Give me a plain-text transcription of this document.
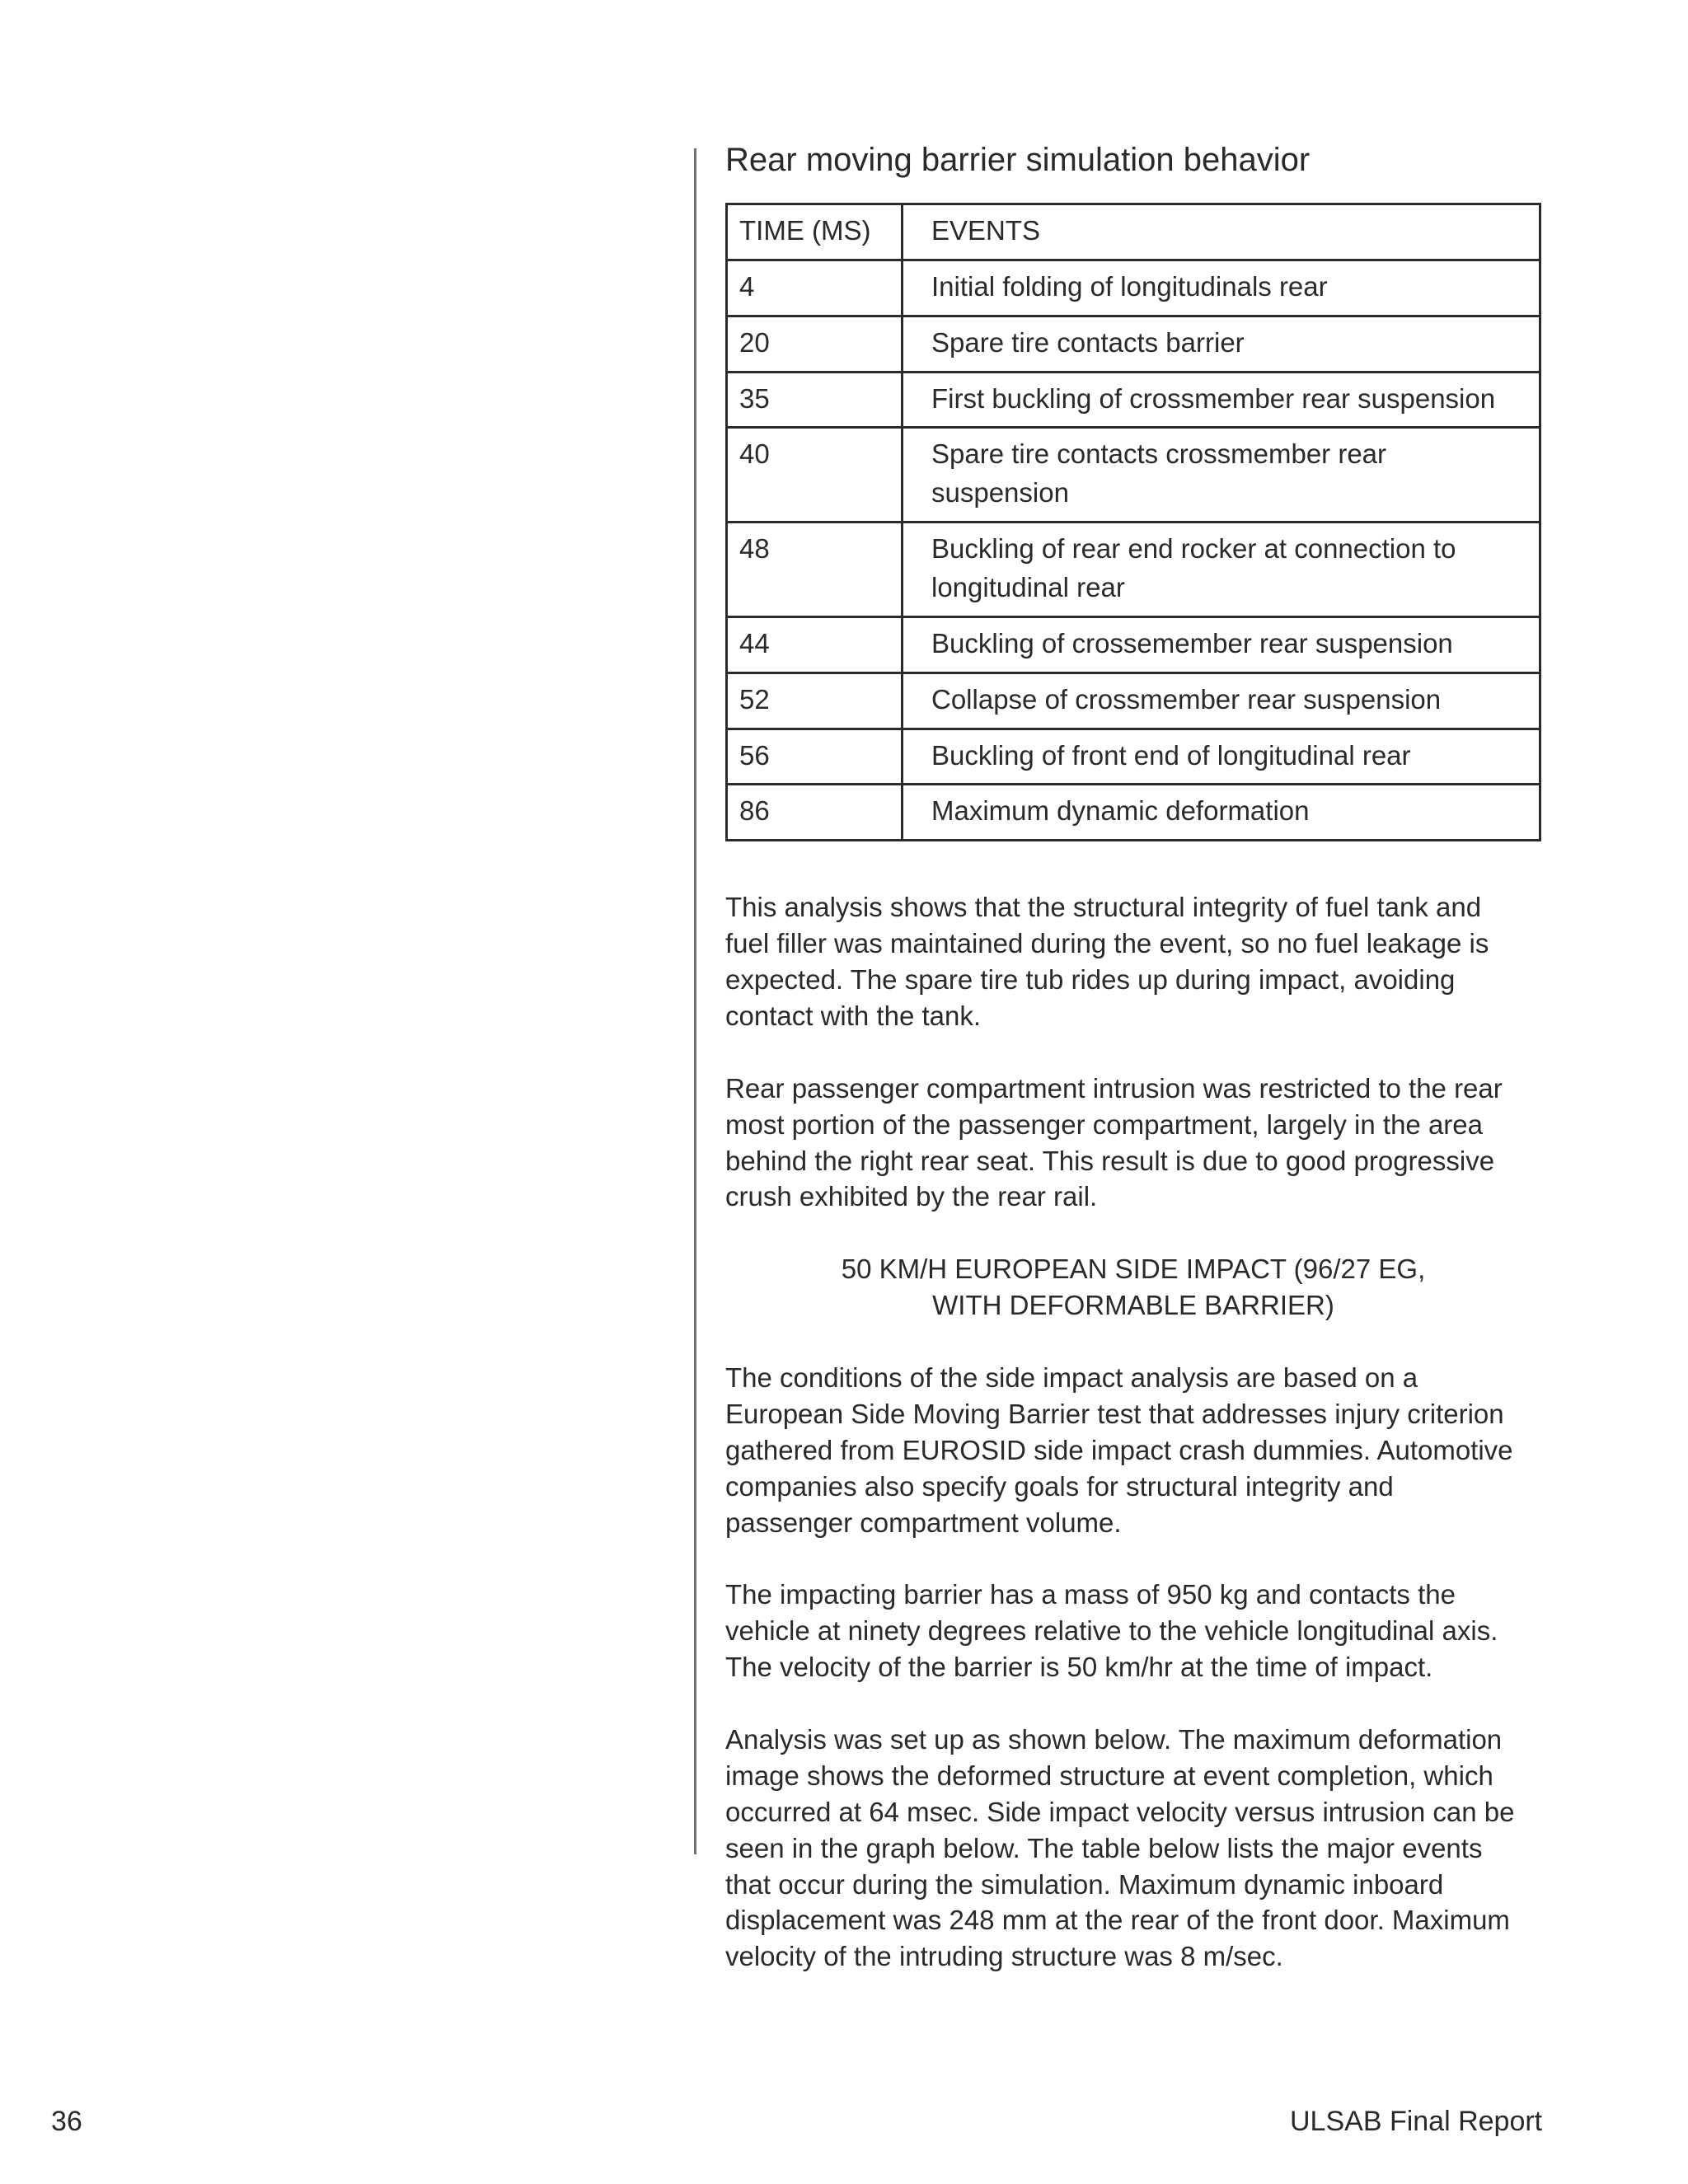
Rear moving barrier simulation behavior
TIME (MS)	EVENTS
4	Initial folding of longitudinals rear
20	Spare tire contacts barrier
35	First buckling of crossmember rear suspension
40	Spare tire contacts crossmember rear suspension
48	Buckling of rear end rocker at connection to
longitudinal rear
44	Buckling of crossemember rear suspension
52	Collapse of crossmember rear suspension
56	Buckling of front end of longitudinal rear
86	Maximum dynamic deformation

This analysis shows that the structural integrity of fuel tank and
fuel filler was maintained during the event, so no fuel leakage is
expected. The spare tire tub rides up during impact, avoiding
contact with the tank.

Rear passenger compartment intrusion was restricted to the rear
most portion of the passenger compartment, largely in the area
behind the right rear seat. This result is due to good progressive
crush exhibited by the rear rail.

50 KM/H EUROPEAN SIDE IMPACT (96/27 EG,
WITH DEFORMABLE BARRIER)

The conditions of the side impact analysis are based on a
European Side Moving Barrier test that addresses injury criterion
gathered from EUROSID side impact crash dummies. Automotive
companies also specify goals for structural integrity and
passenger compartment volume.

The impacting barrier has a mass of 950 kg and contacts the
vehicle at ninety degrees relative to the vehicle longitudinal axis.
The velocity of the barrier is 50 km/hr at the time of impact.

Analysis was set up as shown below. The maximum deformation
image shows the deformed structure at event completion, which
occurred at 64 msec. Side impact velocity versus intrusion can be
seen in the graph below. The table below lists the major events
that occur during the simulation. Maximum dynamic inboard
displacement was 248 mm at the rear of the front door. Maximum
velocity of the intruding structure was 8 m/sec.

36	ULSAB Final Report
